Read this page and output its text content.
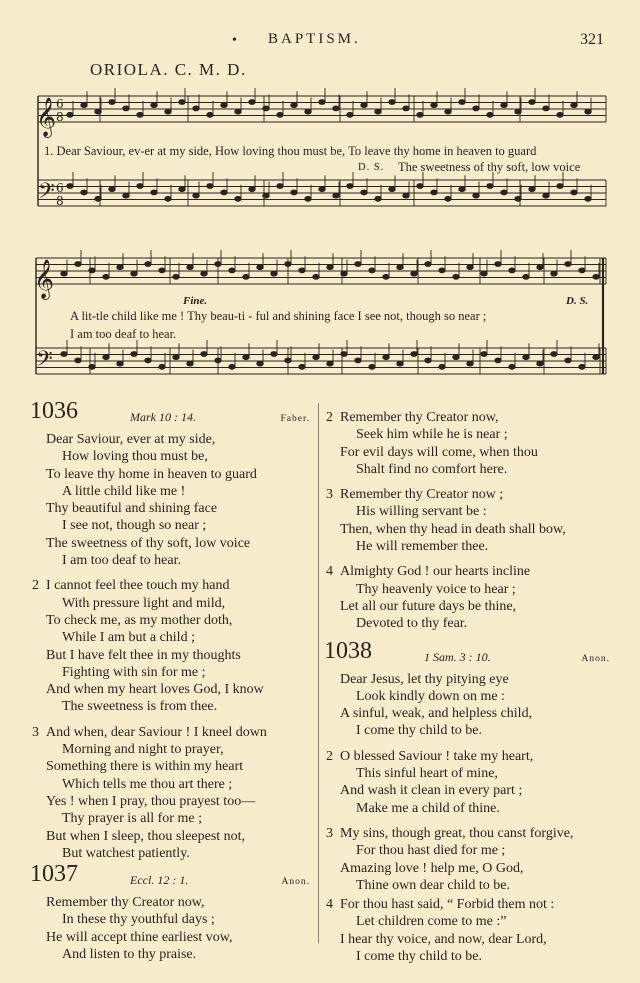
• BAPTISM.	321
ORIOLA. C. M. D.
𝄞 6
8
𝄢 6
8
𝄞
𝄢
1. Dear Saviour, ev-er at my side, How loving thou must be, To leave thy home in heaven to guard
D. S. The sweetness of thy soft, low voice
Fine.	D. S.
A lit-tle child like me ! Thy beau-ti - ful and shining face I see not, though so near ;
I am too deaf to hear.
1036	Mark 10 : 14.	Faber.
Dear Saviour, ever at my side,
How loving thou must be,
To leave thy home in heaven to guard
A little child like me !
Thy beautiful and shining face
I see not, though so near ;
The sweetness of thy soft, low voice
I am too deaf to hear.
2 I cannot feel thee touch my hand
With pressure light and mild,
To check me, as my mother doth,
While I am but a child ;
But I have felt thee in my thoughts
Fighting with sin for me ;
And when my heart loves God, I know
The sweetness is from thee.
3 And when, dear Saviour ! I kneel down
Morning and night to prayer,
Something there is within my heart
Which tells me thou art there ;
Yes ! when I pray, thou prayest too—
Thy prayer is all for me ;
But when I sleep, thou sleepest not,
But watchest patiently.
1037	Eccl. 12 : 1.	Anon.
Remember thy Creator now,
In these thy youthful days ;
He will accept thine earliest vow,
And listen to thy praise.
2 Remember thy Creator now,
Seek him while he is near ;
For evil days will come, when thou
Shalt find no comfort here.
3 Remember thy Creator now ;
His willing servant be :
Then, when thy head in death shall bow,
He will remember thee.
4 Almighty God ! our hearts incline
Thy heavenly voice to hear ;
Let all our future days be thine,
Devoted to thy fear.
1038	1 Sam. 3 : 10.	Anon.
Dear Jesus, let thy pitying eye
Look kindly down on me :
A sinful, weak, and helpless child,
I come thy child to be.
2 O blessed Saviour ! take my heart,
This sinful heart of mine,
And wash it clean in every part ;
Make me a child of thine.
3 My sins, though great, thou canst forgive,
For thou hast died for me ;
Amazing love ! help me, O God,
Thine own dear child to be.
4 For thou hast said, “ Forbid them not :
Let children come to me :”
I hear thy voice, and now, dear Lord,
I come thy child to be.
